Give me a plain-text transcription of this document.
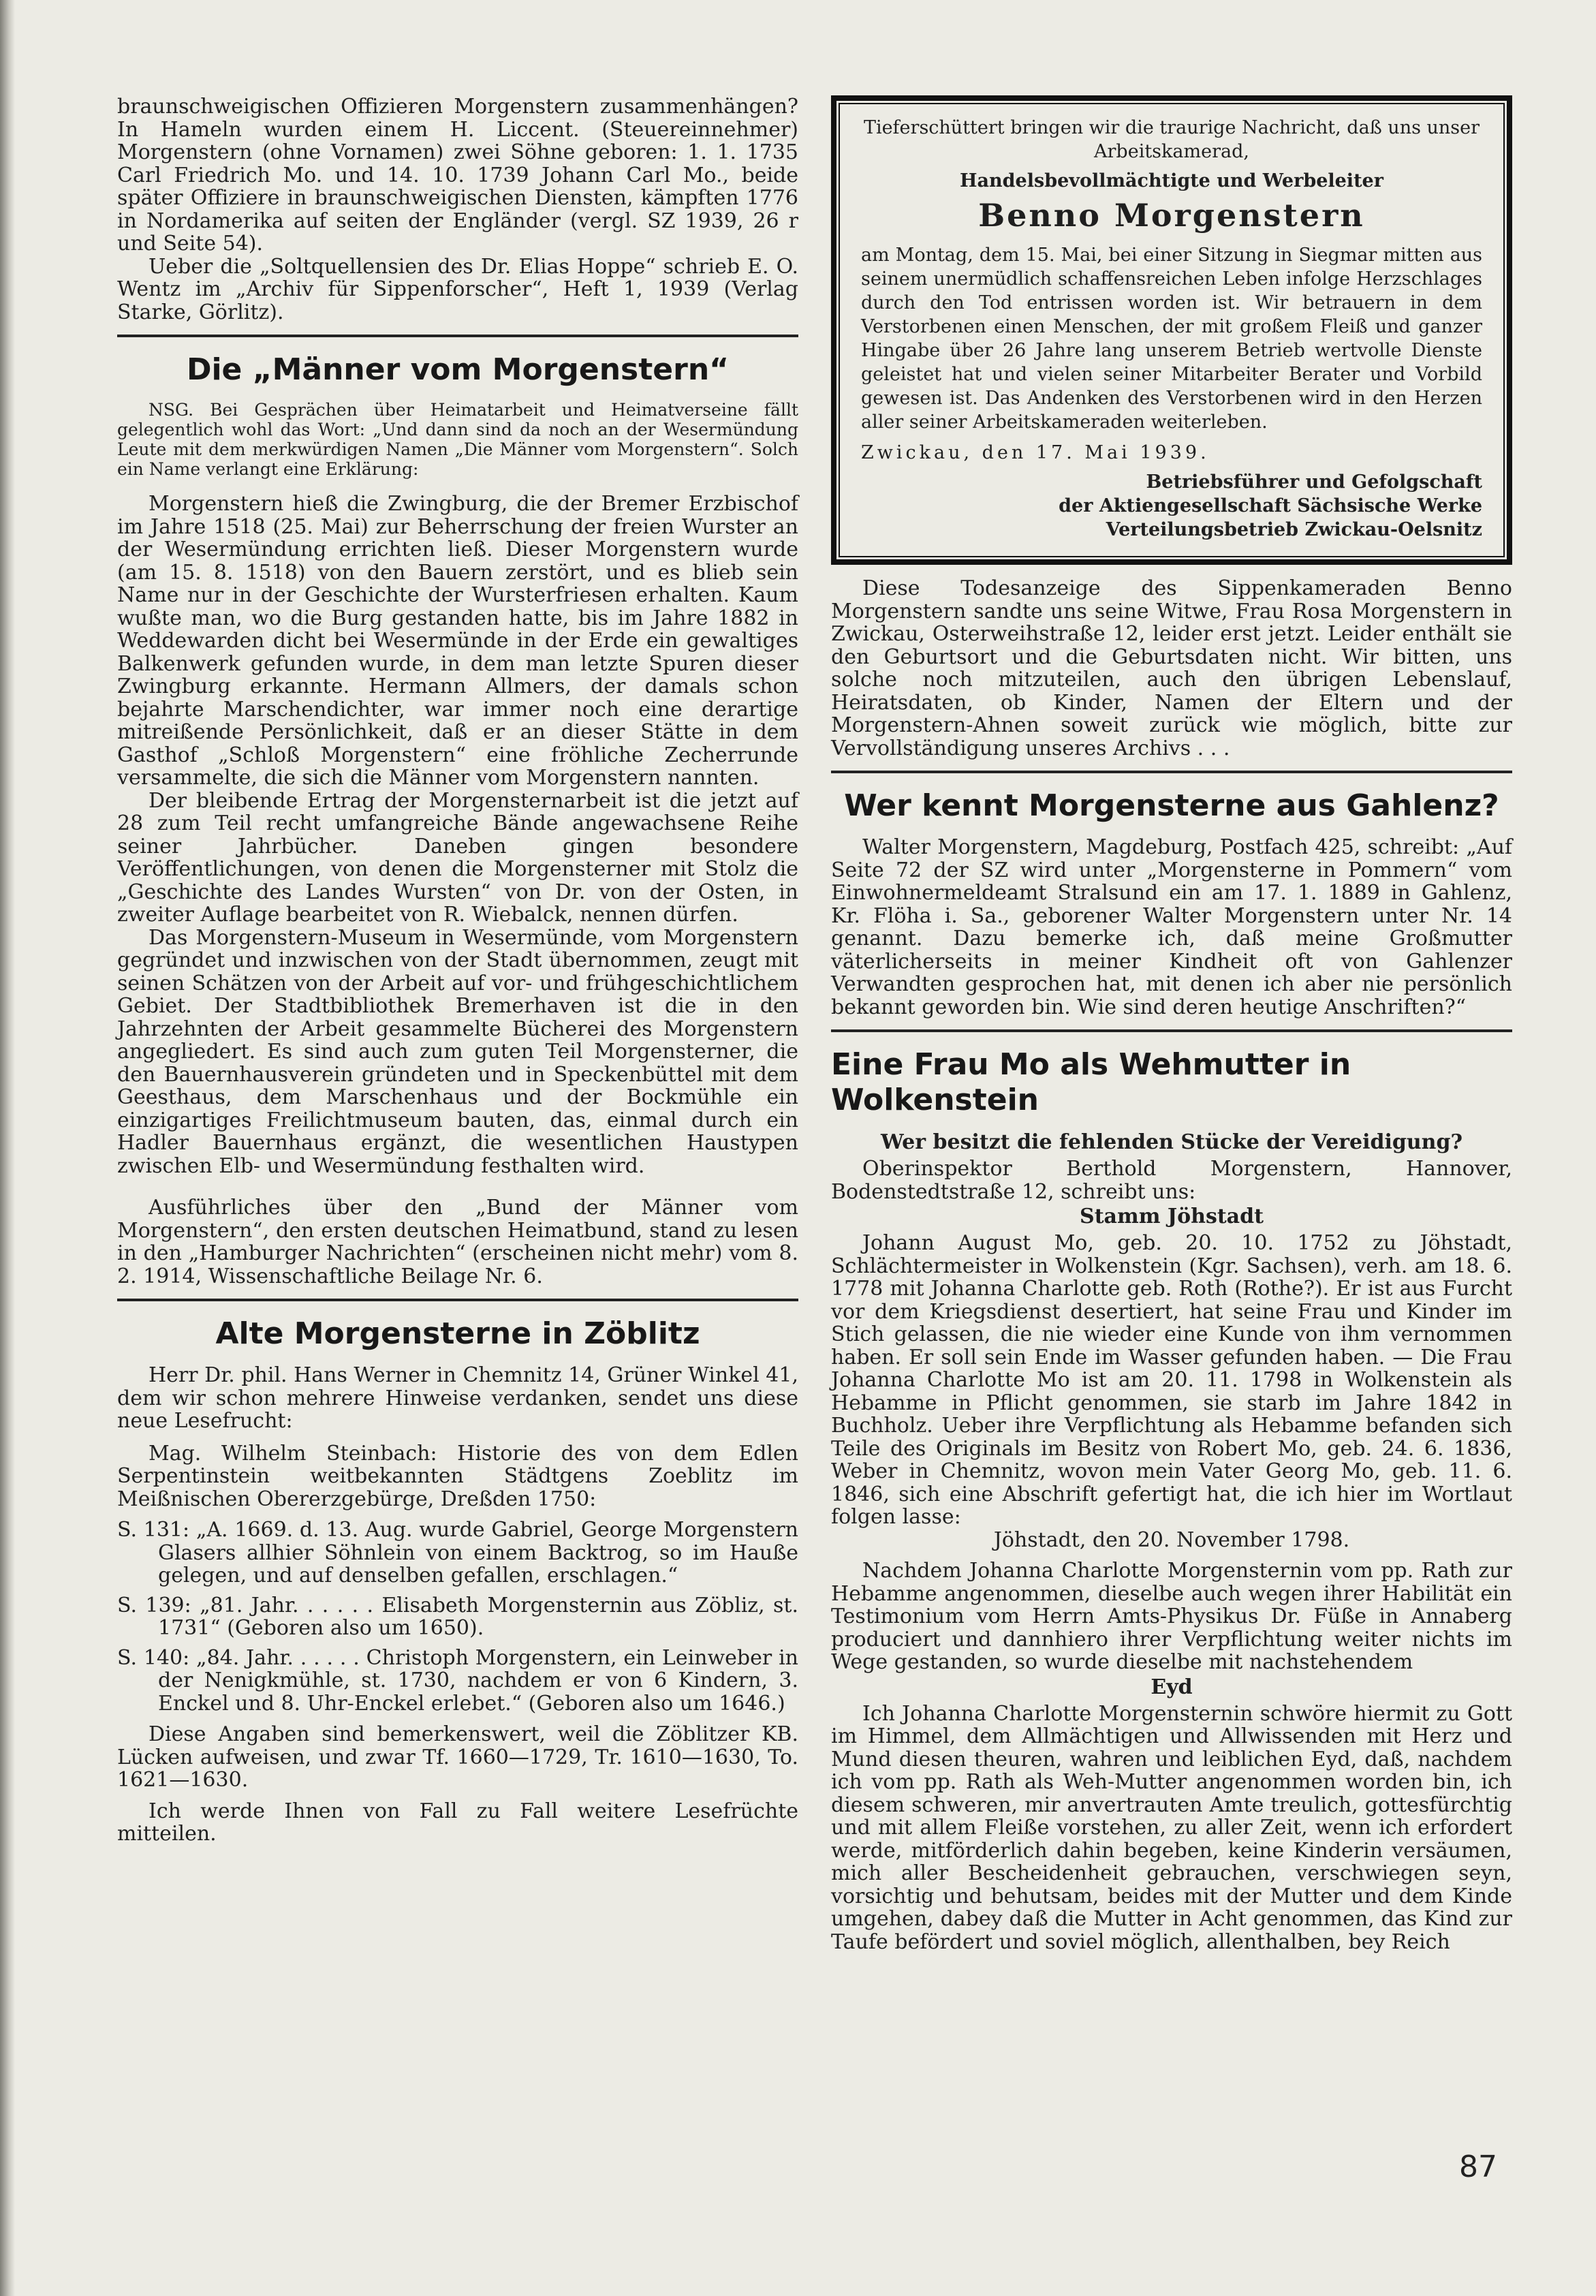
braunschweigischen Offizieren Morgenstern zusammenhängen? In Hameln wurden einem H. Liccent. (Steuereinnehmer) Morgenstern (ohne Vornamen) zwei Söhne geboren: 1. 1. 1735 Carl Friedrich Mo. und 14. 10. 1739 Johann Carl Mo., beide später Offiziere in braunschweigischen Diensten, kämpften 1776 in Nordamerika auf seiten der Engländer (vergl. SZ 1939, 26 r und Seite 54).

Ueber die „Soltquellensien des Dr. Elias Hoppe“ schrieb E. O. Wentz im „Archiv für Sippenforscher“, Heft 1, 1939 (Verlag Starke, Görlitz).

Die „Männer vom Morgenstern“

NSG. Bei Gesprächen über Heimatarbeit und Heimatverseine fällt gelegentlich wohl das Wort: „Und dann sind da noch an der Wesermündung Leute mit dem merkwürdigen Namen „Die Männer vom Morgenstern“. Solch ein Name verlangt eine Erklärung:

Morgenstern hieß die Zwingburg, die der Bremer Erzbischof im Jahre 1518 (25. Mai) zur Beherrschung der freien Wurster an der Wesermündung errichten ließ. Dieser Morgenstern wurde (am 15. 8. 1518) von den Bauern zerstört, und es blieb sein Name nur in der Geschichte der Wursterfriesen erhalten. Kaum wußte man, wo die Burg gestanden hatte, bis im Jahre 1882 in Weddewarden dicht bei Wesermünde in der Erde ein gewaltiges Balkenwerk gefunden wurde, in dem man letzte Spuren dieser Zwingburg erkannte. Hermann Allmers, der damals schon bejahrte Marschendichter, war immer noch eine derartige mitreißende Persönlichkeit, daß er an dieser Stätte in dem Gasthof „Schloß Morgenstern“ eine fröhliche Zecherrunde versammelte, die sich die Männer vom Morgenstern nannten.

Der bleibende Ertrag der Morgensternarbeit ist die jetzt auf 28 zum Teil recht umfangreiche Bände angewachsene Reihe seiner Jahrbücher. Daneben gingen besondere Veröffentlichungen, von denen die Morgensterner mit Stolz die „Geschichte des Landes Wursten“ von Dr. von der Osten, in zweiter Auflage bearbeitet von R. Wiebalck, nennen dürfen.

Das Morgenstern-Museum in Wesermünde, vom Morgenstern gegründet und inzwischen von der Stadt übernommen, zeugt mit seinen Schätzen von der Arbeit auf vor- und frühgeschichtlichem Gebiet. Der Stadtbibliothek Bremerhaven ist die in den Jahrzehnten der Arbeit gesammelte Bücherei des Morgenstern angegliedert. Es sind auch zum guten Teil Morgensterner, die den Bauernhausverein gründeten und in Speckenbüttel mit dem Geesthaus, dem Marschenhaus und der Bockmühle ein einzigartiges Freilichtmuseum bauten, das, einmal durch ein Hadler Bauernhaus ergänzt, die wesentlichen Haustypen zwischen Elb- und Wesermündung festhalten wird.

Ausführliches über den „Bund der Männer vom Morgenstern“, den ersten deutschen Heimatbund, stand zu lesen in den „Hamburger Nachrichten“ (erscheinen nicht mehr) vom 8. 2. 1914, Wissenschaftliche Beilage Nr. 6.

Alte Morgensterne in Zöblitz

Herr Dr. phil. Hans Werner in Chemnitz 14, Grüner Winkel 41, dem wir schon mehrere Hinweise verdanken, sendet uns diese neue Lesefrucht:

Mag. Wilhelm Steinbach: Historie des von dem Edlen Serpentinstein weitbekannten Städtgens Zoeblitz im Meißnischen Obererzgebürge, Dreßden 1750:

S. 131: „A. 1669. d. 13. Aug. wurde Gabriel, George Morgenstern Glasers allhier Söhnlein von einem Backtrog, so im Hauße gelegen, und auf denselben gefallen, erschlagen.“

S. 139: „81. Jahr. . . . . . Elisabeth Morgensternin aus Zöbliz, st. 1731“ (Geboren also um 1650).

S. 140: „84. Jahr. . . . . . Christoph Morgenstern, ein Leinweber in der Nenigkmühle, st. 1730, nachdem er von 6 Kindern, 3. Enckel und 8. Uhr-Enckel erlebet.“ (Geboren also um 1646.)

Diese Angaben sind bemerkenswert, weil die Zöblitzer KB. Lücken aufweisen, und zwar Tf. 1660—1729, Tr. 1610—1630, To. 1621—1630.

Ich werde Ihnen von Fall zu Fall weitere Lesefrüchte mitteilen.

Tieferschüttert bringen wir die traurige Nachricht, daß uns unser Arbeitskamerad,

Handelsbevollmächtigte und Werbeleiter

Benno Morgenstern

am Montag, dem 15. Mai, bei einer Sitzung in Siegmar mitten aus seinem unermüdlich schaffensreichen Leben infolge Herzschlages durch den Tod entrissen worden ist. Wir betrauern in dem Verstorbenen einen Menschen, der mit großem Fleiß und ganzer Hingabe über 26 Jahre lang unserem Betrieb wertvolle Dienste geleistet hat und vielen seiner Mitarbeiter Berater und Vorbild gewesen ist. Das Andenken des Verstorbenen wird in den Herzen aller seiner Arbeitskameraden weiterleben.

Zwickau, den 17. Mai 1939.

Betriebsführer und Gefolgschaft

der Aktiengesellschaft Sächsische Werke

Verteilungsbetrieb Zwickau-Oelsnitz

Diese Todesanzeige des Sippenkameraden Benno Morgenstern sandte uns seine Witwe, Frau Rosa Morgenstern in Zwickau, Osterweihstraße 12, leider erst jetzt. Leider enthält sie den Geburtsort und die Geburtsdaten nicht. Wir bitten, uns solche noch mitzuteilen, auch den übrigen Lebenslauf, Heiratsdaten, ob Kinder, Namen der Eltern und der Morgenstern-Ahnen soweit zurück wie möglich, bitte zur Vervollständigung unseres Archivs . . .

Wer kennt Morgensterne aus Gahlenz?

Walter Morgenstern, Magdeburg, Postfach 425, schreibt: „Auf Seite 72 der SZ wird unter „Morgensterne in Pommern“ vom Einwohnermeldeamt Stralsund ein am 17. 1. 1889 in Gahlenz, Kr. Flöha i. Sa., geborener Walter Morgenstern unter Nr. 14 genannt. Dazu bemerke ich, daß meine Großmutter väterlicherseits in meiner Kindheit oft von Gahlenzer Verwandten gesprochen hat, mit denen ich aber nie persönlich bekannt geworden bin. Wie sind deren heutige Anschriften?“

Eine Frau Mo als Wehmutter in Wolkenstein
Wer besitzt die fehlenden Stücke der Vereidigung?

Oberinspektor Berthold Morgenstern, Hannover, Bodenstedtstraße 12, schreibt uns:

Stamm Jöhstadt

Johann August Mo, geb. 20. 10. 1752 zu Jöhstadt, Schlächtermeister in Wolkenstein (Kgr. Sachsen), verh. am 18. 6. 1778 mit Johanna Charlotte geb. Roth (Rothe?). Er ist aus Furcht vor dem Kriegsdienst desertiert, hat seine Frau und Kinder im Stich gelassen, die nie wieder eine Kunde von ihm vernommen haben. Er soll sein Ende im Wasser gefunden haben. — Die Frau Johanna Charlotte Mo ist am 20. 11. 1798 in Wolkenstein als Hebamme in Pflicht genommen, sie starb im Jahre 1842 in Buchholz. Ueber ihre Verpflichtung als Hebamme befanden sich Teile des Originals im Besitz von Robert Mo, geb. 24. 6. 1836, Weber in Chemnitz, wovon mein Vater Georg Mo, geb. 11. 6. 1846, sich eine Abschrift gefertigt hat, die ich hier im Wortlaut folgen lasse:

Jöhstadt, den 20. November 1798.

Nachdem Johanna Charlotte Morgensternin vom pp. Rath zur Hebamme angenommen, dieselbe auch wegen ihrer Habilität ein Testimonium vom Herrn Amts-Physikus Dr. Füße in Annaberg produciert und dannhiero ihrer Verpflichtung weiter nichts im Wege gestanden, so wurde dieselbe mit nachstehendem

Eyd

Ich Johanna Charlotte Morgensternin schwöre hiermit zu Gott im Himmel, dem Allmächtigen und Allwissenden mit Herz und Mund diesen theuren, wahren und leiblichen Eyd, daß, nachdem ich vom pp. Rath als Weh-Mutter angenommen worden bin, ich diesem schweren, mir anvertrauten Amte treulich, gottesfürchtig und mit allem Fleiße vorstehen, zu aller Zeit, wenn ich erfordert werde, mitförderlich dahin begeben, keine Kinderin versäumen, mich aller Bescheidenheit gebrauchen, verschwiegen seyn, vorsichtig und behutsam, beides mit der Mutter und dem Kinde umgehen, dabey daß die Mutter in Acht genommen, das Kind zur Taufe befördert und soviel möglich, allenthalben, bey Reich

87
